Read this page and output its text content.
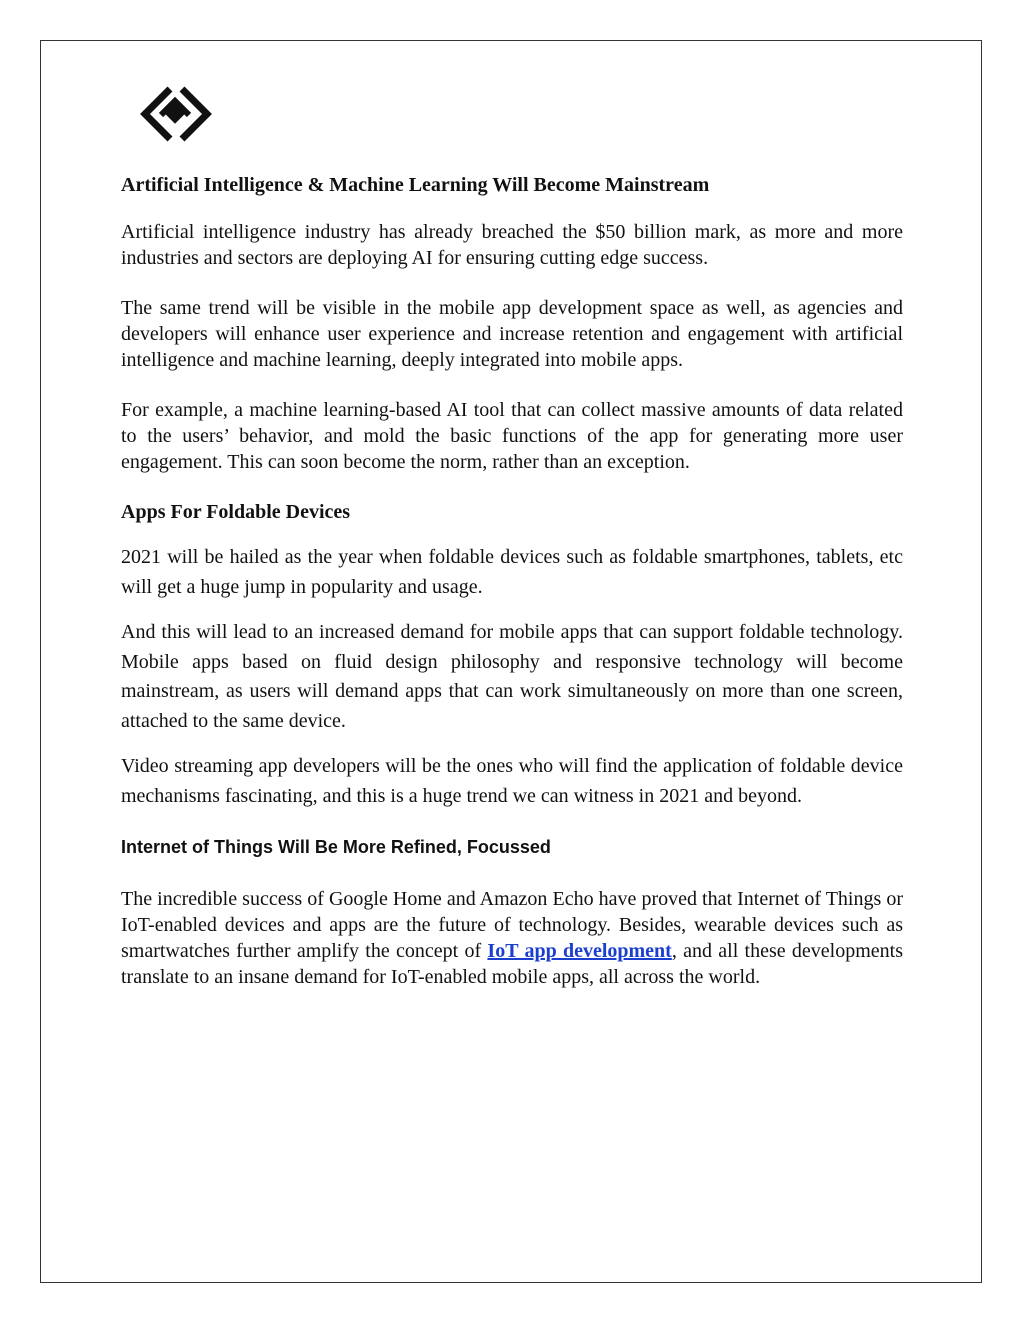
Artificial Intelligence & Machine Learning Will Become Mainstream

Artificial intelligence industry has already breached the $50 billion mark, as more and more industries and sectors are deploying AI for ensuring cutting edge success.

The same trend will be visible in the mobile app development space as well, as agencies and developers will enhance user experience and increase retention and engagement with artificial intelligence and machine learning, deeply integrated into mobile apps.

For example, a machine learning-based AI tool that can collect massive amounts of data related to the users’ behavior, and mold the basic functions of the app for generating more user engagement. This can soon become the norm, rather than an exception.

Apps For Foldable Devices

2021 will be hailed as the year when foldable devices such as foldable smartphones, tablets, etc will get a huge jump in popularity and usage.

And this will lead to an increased demand for mobile apps that can support foldable technology. Mobile apps based on fluid design philosophy and responsive technology will become mainstream, as users will demand apps that can work simultaneously on more than one screen, attached to the same device.

Video streaming app developers will be the ones who will find the application of foldable device mechanisms fascinating, and this is a huge trend we can witness in 2021 and beyond.

Internet of Things Will Be More Refined, Focussed

The incredible success of Google Home and Amazon Echo have proved that Internet of Things or IoT-enabled devices and apps are the future of technology. Besides, wearable devices such as smartwatches further amplify the concept of IoT app development, and all these developments translate to an insane demand for IoT-enabled mobile apps, all across the world.
